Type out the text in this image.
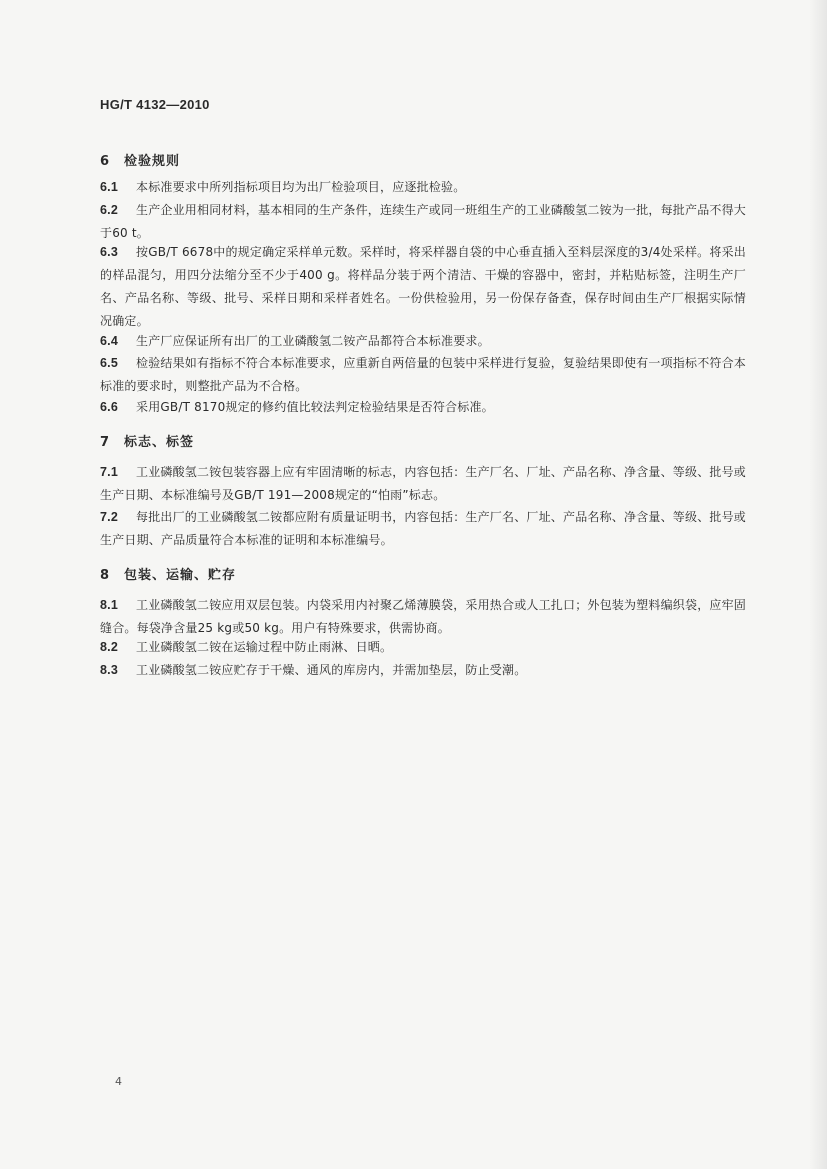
HG/T 4132—2010
6 检验规则
6.1 本标准要求中所列指标项目均为出厂检验项目，应逐批检验。
6.2 生产企业用相同材料，基本相同的生产条件，连续生产或同一班组生产的工业磷酸氢二铵为一批，每批产品不得大于60 t。
6.3 按GB/T 6678中的规定确定采样单元数。采样时，将采样器自袋的中心垂直插入至料层深度的3/4处采样。将采出的样品混匀，用四分法缩分至不少于400 g。将样品分装于两个清洁、干燥的容器中，密封，并粘贴标签，注明生产厂名、产品名称、等级、批号、采样日期和采样者姓名。一份供检验用，另一份保存备查，保存时间由生产厂根据实际情况确定。
6.4 生产厂应保证所有出厂的工业磷酸氢二铵产品都符合本标准要求。
6.5 检验结果如有指标不符合本标准要求，应重新自两倍量的包装中采样进行复验，复验结果即使有一项指标不符合本标准的要求时，则整批产品为不合格。
6.6 采用GB/T 8170规定的修约值比较法判定检验结果是否符合标准。
7 标志、标签
7.1 工业磷酸氢二铵包装容器上应有牢固清晰的标志，内容包括：生产厂名、厂址、产品名称、净含量、等级、批号或生产日期、本标准编号及GB/T 191—2008规定的“怕雨”标志。
7.2 每批出厂的工业磷酸氢二铵都应附有质量证明书，内容包括：生产厂名、厂址、产品名称、净含量、等级、批号或生产日期、产品质量符合本标准的证明和本标准编号。
8 包装、运输、贮存
8.1 工业磷酸氢二铵应用双层包装。内袋采用内衬聚乙烯薄膜袋，采用热合或人工扎口；外包装为塑料编织袋，应牢固缝合。每袋净含量25 kg或50 kg。用户有特殊要求，供需协商。
8.2 工业磷酸氢二铵在运输过程中防止雨淋、日晒。
8.3 工业磷酸氢二铵应贮存于干燥、通风的库房内，并需加垫层，防止受潮。
4
